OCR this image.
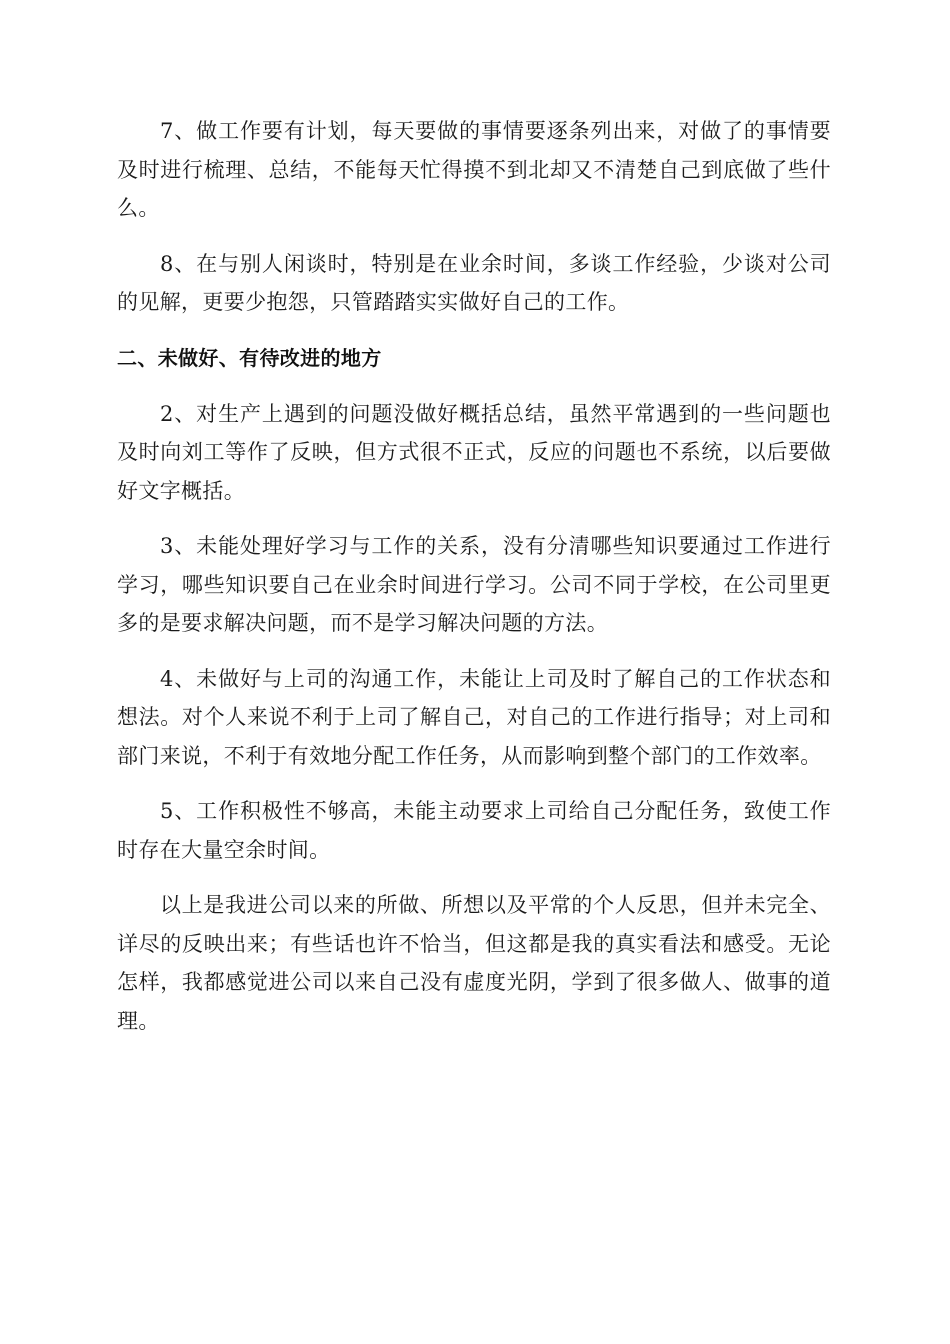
7、做工作要有计划，每天要做的事情要逐条列出来，对做了的事情要及时进行梳理、总结，不能每天忙得摸不到北却又不清楚自己到底做了些什么。

8、在与别人闲谈时，特别是在业余时间，多谈工作经验，少谈对公司的见解，更要少抱怨，只管踏踏实实做好自己的工作。

二、未做好、有待改进的地方

2、对生产上遇到的问题没做好概括总结，虽然平常遇到的一些问题也及时向刘工等作了反映，但方式很不正式，反应的问题也不系统，以后要做好文字概括。

3、未能处理好学习与工作的关系，没有分清哪些知识要通过工作进行学习，哪些知识要自己在业余时间进行学习。公司不同于学校，在公司里更多的是要求解决问题，而不是学习解决问题的方法。

4、未做好与上司的沟通工作，未能让上司及时了解自己的工作状态和想法。对个人来说不利于上司了解自己，对自己的工作进行指导；对上司和部门来说，不利于有效地分配工作任务，从而影响到整个部门的工作效率。

5、工作积极性不够高，未能主动要求上司给自己分配任务，致使工作时存在大量空余时间。

以上是我进公司以来的所做、所想以及平常的个人反思，但并未完全、详尽的反映出来；有些话也许不恰当，但这都是我的真实看法和感受。无论怎样，我都感觉进公司以来自己没有虚度光阴，学到了很多做人、做事的道理。
